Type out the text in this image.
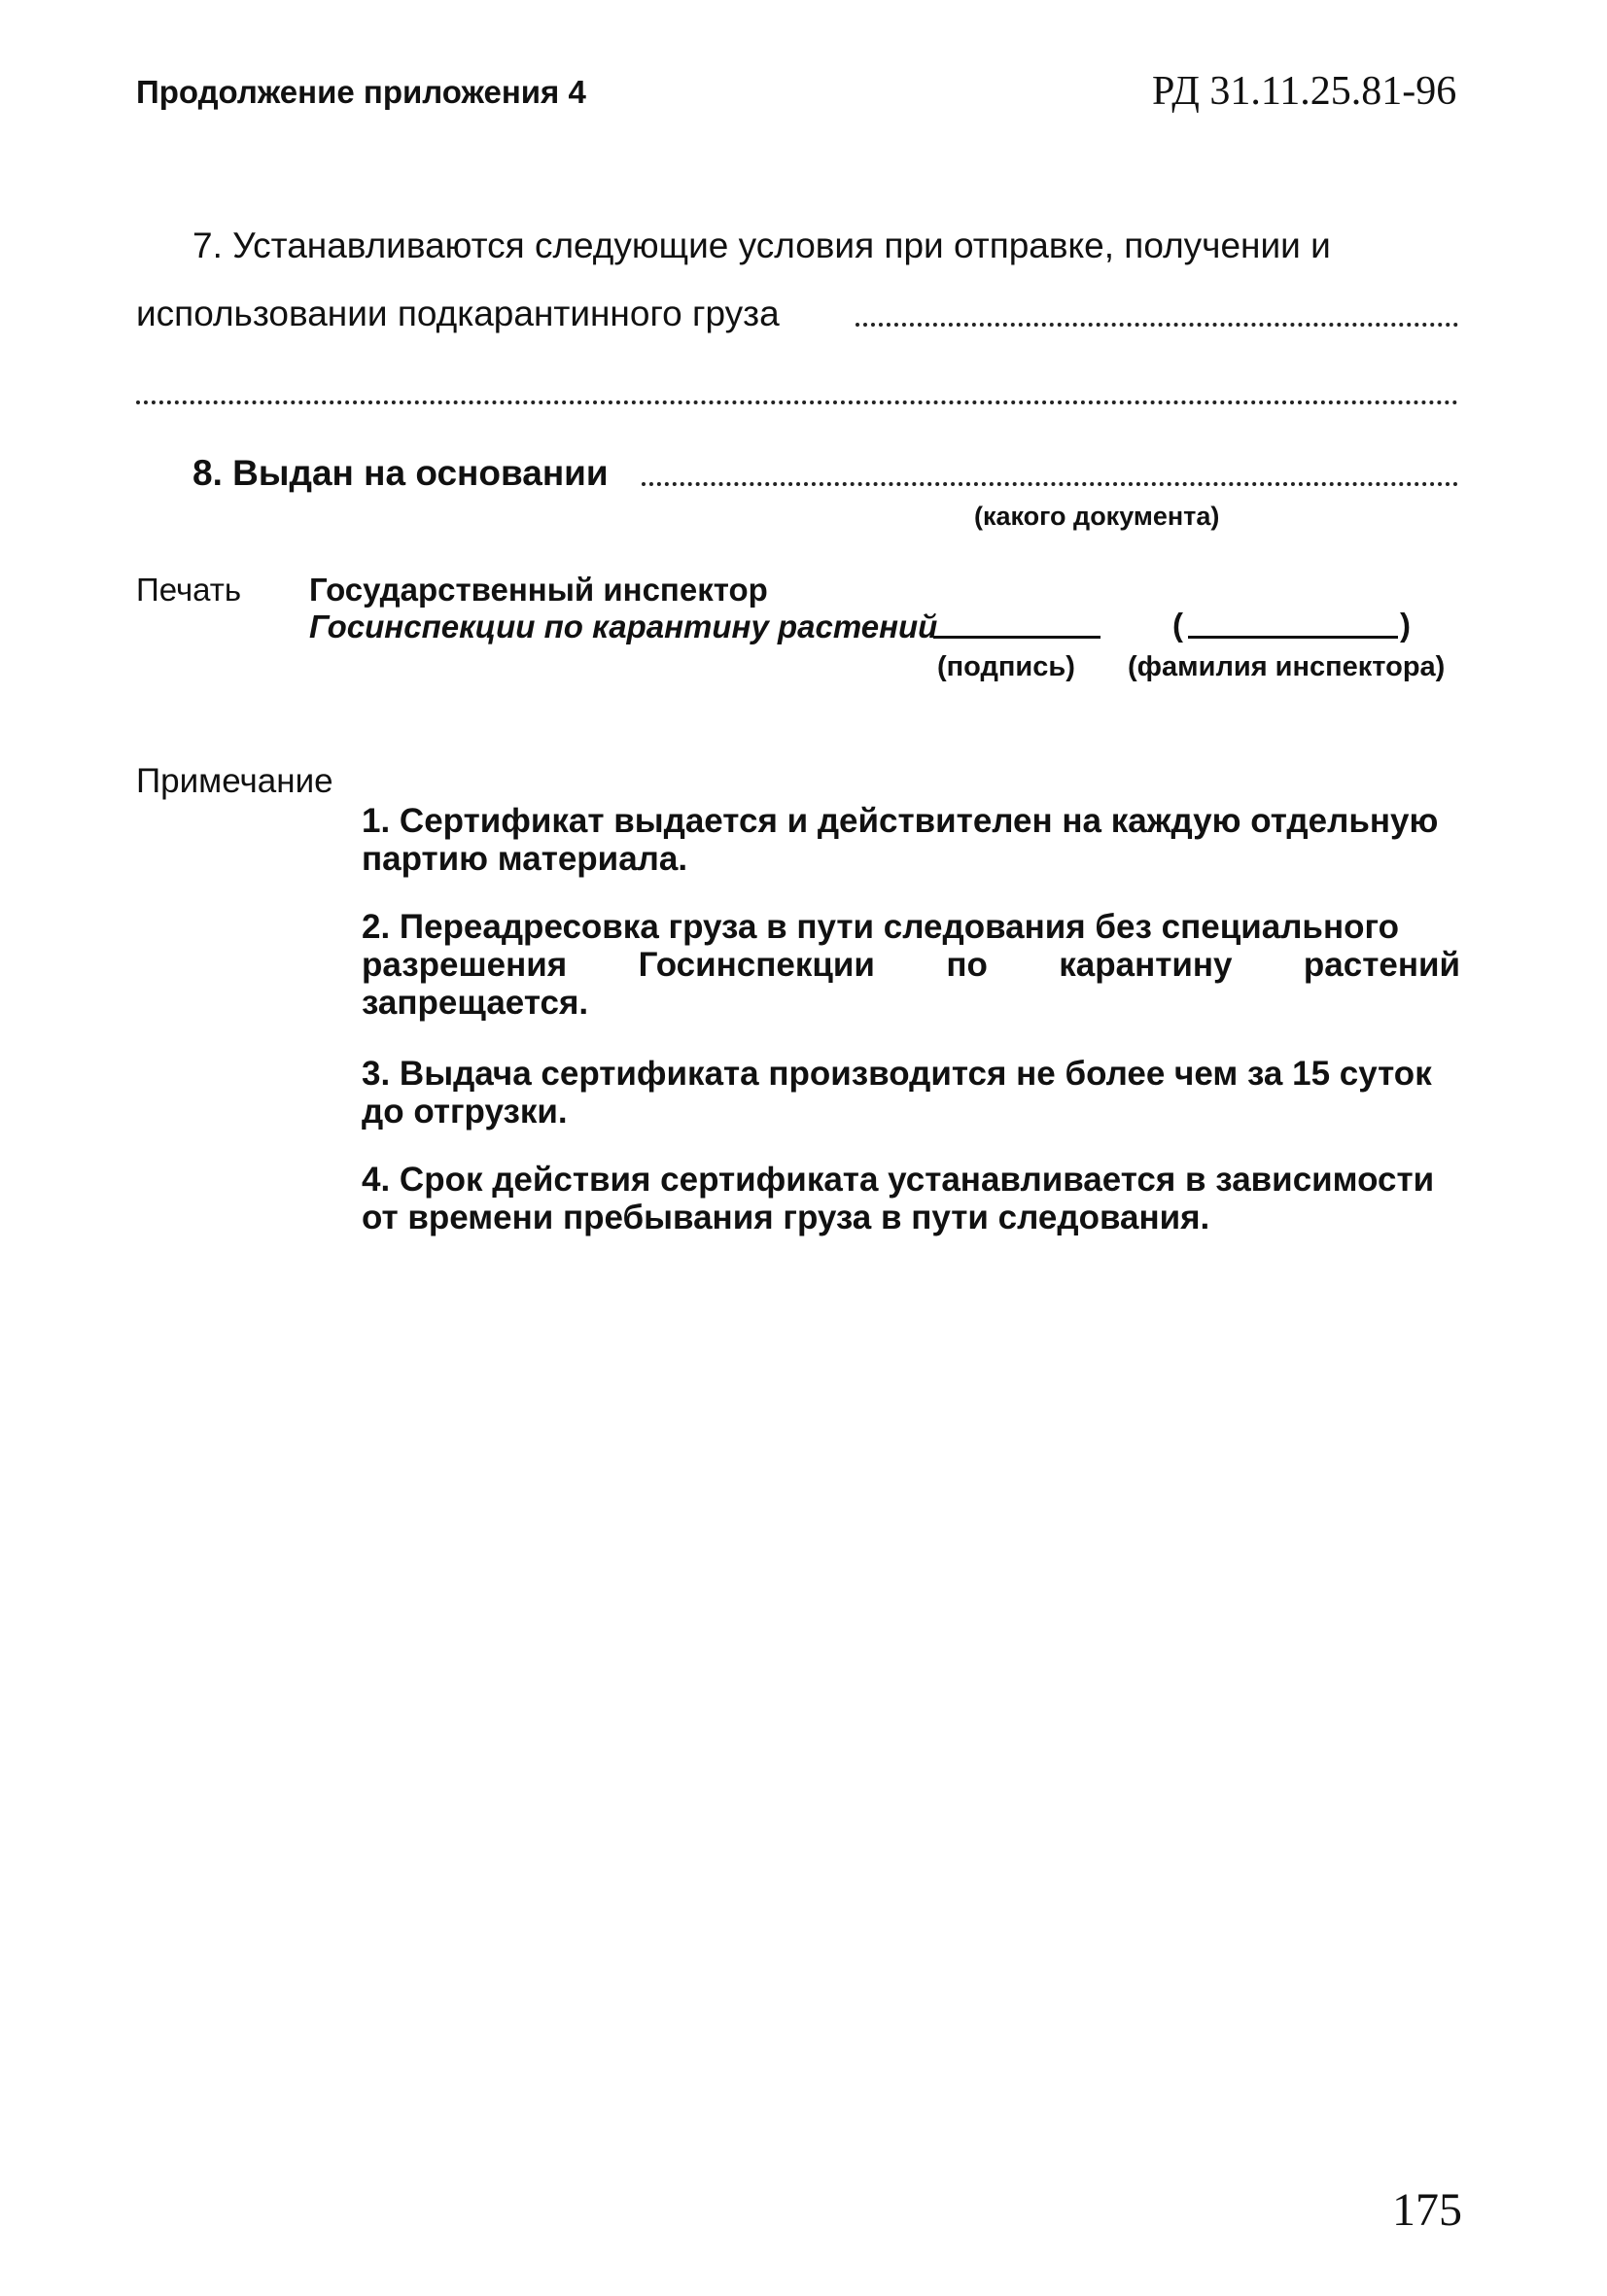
Продолжение приложения 4	РД 31.11.25.81-96
7. Устанавливаются следующие условия при отправке, получении и
использовании подкарантинного груза
8. Выдан на основании
(какого документа)
Печать Государственный инспектор
Госинспекции по карантину растений	(	)
(подпись) (фамилия инспектора)
Примечание
1. Сертификат выдается и действителен на каждую отдельную партию материала.
2. Переадресовка груза в пути следования без специального
разрешения Госинспекции по карантину растений
запрещается.
3. Выдача сертификата производится не более чем за 15 суток до отгрузки.
4. Срок действия сертификата устанавливается в зависимости от времени пребывания груза в пути следования.
175
